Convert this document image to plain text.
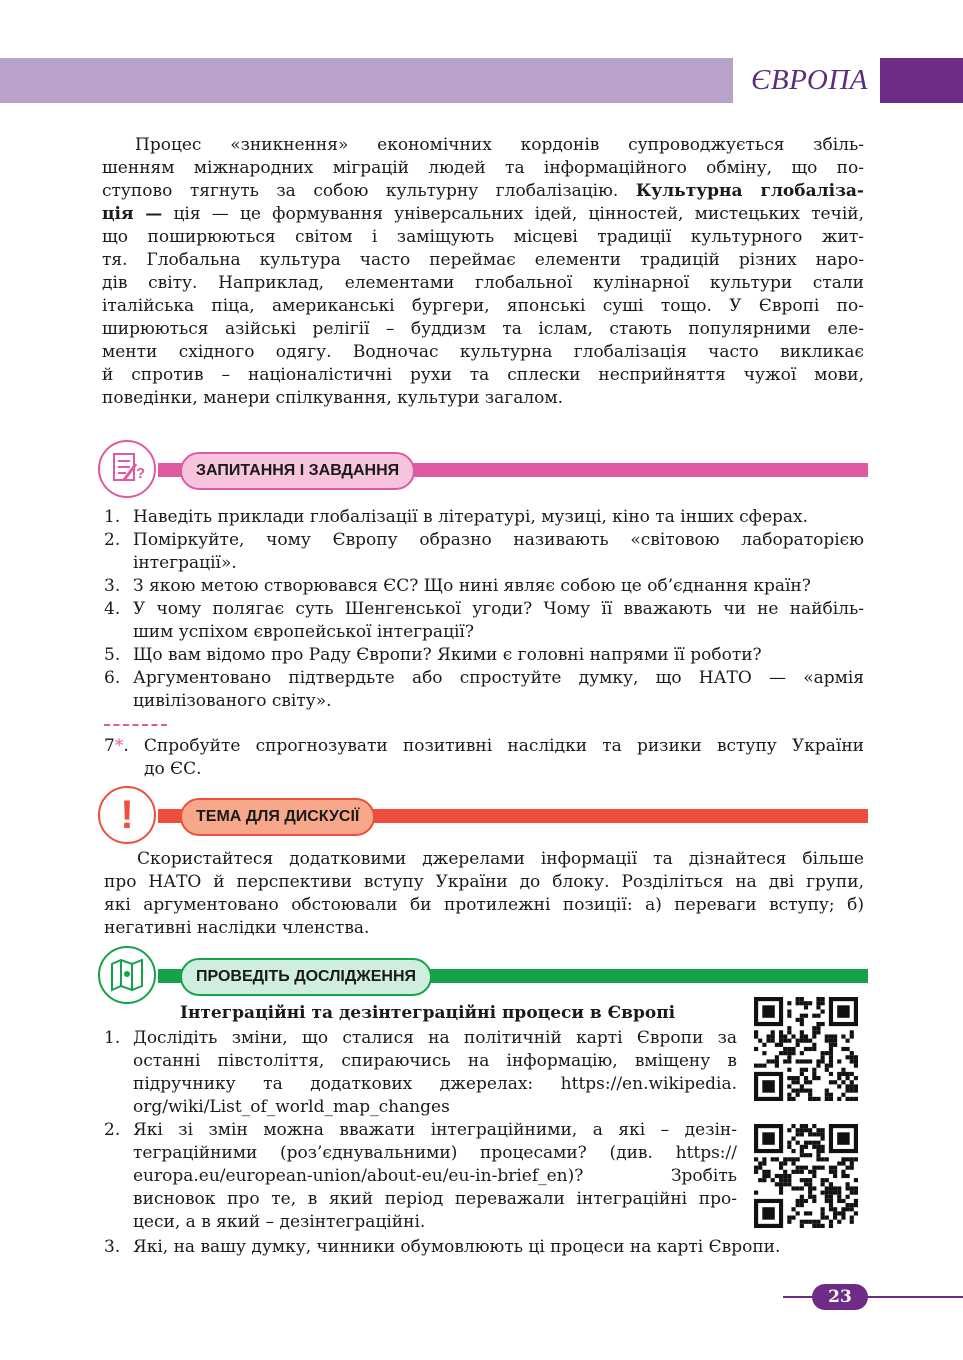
ЄВРОПА
Процес «зникнення» економічних кордонів супроводжується збіль-
шенням міжнародних міграцій людей та інформаційного обміну, що по-
ступово тягнуть за собою культурну глобалізацію. Культурна глобаліза-
ція — ція — це формування універсальних ідей, цінностей, мистецьких течій,
що поширюються світом і заміщують місцеві традиції культурного жит-
тя. Глобальна культура часто переймає елементи традицій різних наро-
дів світу. Наприклад, елементами глобальної кулінарної культури стали
італійська піца, американські бургери, японські суші тощо. У Європі по-
ширюються азійські релігії – буддизм та іслам, стають популярними еле-
менти східного одягу. Водночас культурна глобалізація часто викликає
й спротив – націоналістичні рухи та сплески несприйняття чужої мови,
поведінки, манери спілкування, культури загалом.
?	ЗАПИТАННЯ І ЗАВДАННЯ
1. Наведіть приклади глобалізації в літературі, музиці, кіно та інших сферах.
2. Поміркуйте, чому Європу образно називають «світовою лабораторією
інтеграції».
3. З якою метою створювався ЄС? Що нині являє собою це об’єднання країн?
4. У чому полягає суть Шенгенської угоди? Чому її вважають чи не найбіль-
шим успіхом європейської інтеграції?
5. Що вам відомо про Раду Європи? Якими є головні напрями її роботи?
6. Аргументовано підтвердьте або спростуйте думку, що НАТО — «армія
цивілізованого світу».
7*. Спробуйте спрогнозувати позитивні наслідки та ризики вступу України
до ЄС.
!	ТЕМА ДЛЯ ДИСКУСІЇ
Скористайтеся додатковими джерелами інформації та дізнайтеся більше
про НАТО й перспективи вступу України до блоку. Розділіться на дві групи,
які аргументовано обстоювали би протилежні позиції: а) переваги вступу; б)
негативні наслідки членства.
ПРОВЕДІТЬ ДОСЛІДЖЕННЯ
Інтеграційні та дезінтеграційні процеси в Європі
1. Дослідіть зміни, що сталися на політичній карті Європи за
останні півстоліття, спираючись на інформацію, вміщену в
підручнику та додаткових джерелах: https://en.wikipedia.
org/wiki/List_of_world_map_changes
2. Які зі змін можна вважати інтеграційними, а які – дезін-
теграційними (роз’єднувальними) процесами? (див. https://
europa.eu/european-union/about-eu/eu-in-brief_en)? Зробіть
висновок про те, в який період переважали інтеграційні про-
цеси, а в який – дезінтеграційні.
3. Які, на вашу думку, чинники обумовлюють ці процеси на карті Європи.
23
